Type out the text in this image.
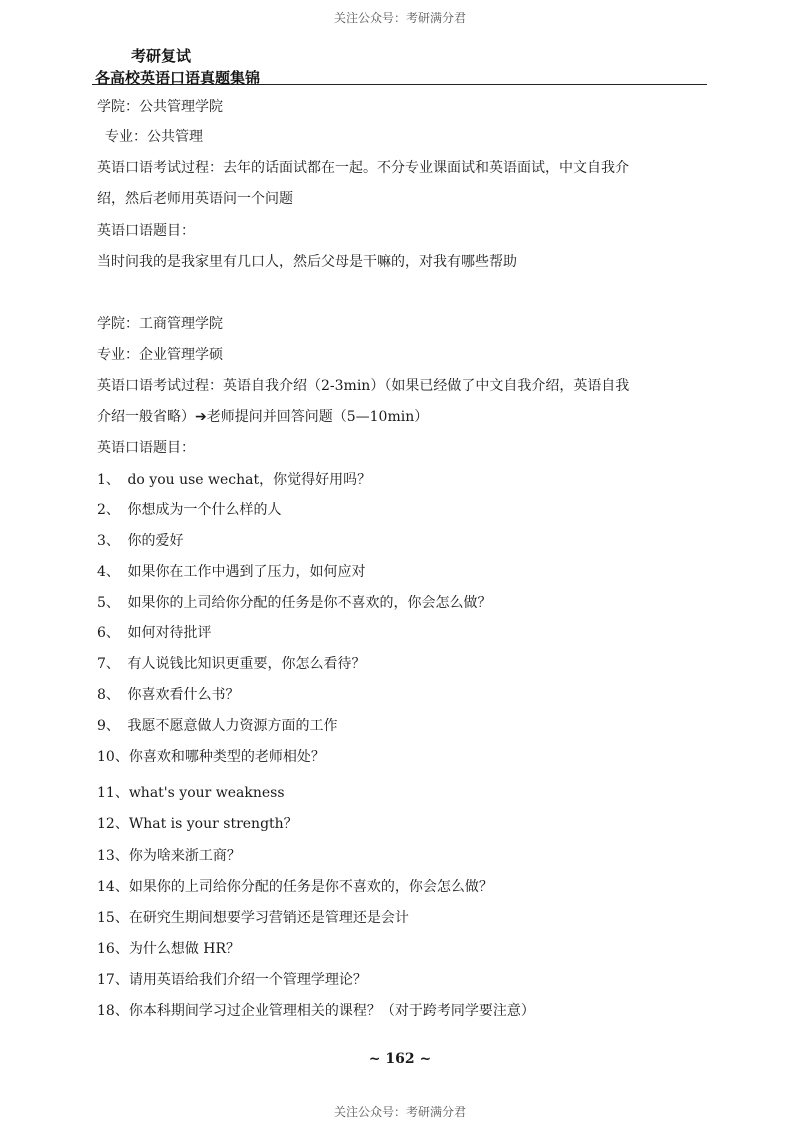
关注公众号：考研满分君
考研复试
各高校英语口语真题集锦
学院：公共管理学院
专业：公共管理
英语口语考试过程：去年的话面试都在一起。不分专业课面试和英语面试，中文自我介
绍，然后老师用英语问一个问题
英语口语题目：
当时问我的是我家里有几口人，然后父母是干嘛的，对我有哪些帮助
学院：工商管理学院
专业：企业管理学硕
英语口语考试过程：英语自我介绍（2-3min）（如果已经做了中文自我介绍，英语自我
介绍一般省略）➔老师提问并回答问题（5—10min）
英语口语题目：
1、 do you use wechat，你觉得好用吗？
2、 你想成为一个什么样的人
3、 你的爱好
4、 如果你在工作中遇到了压力，如何应对
5、 如果你的上司给你分配的任务是你不喜欢的，你会怎么做？
6、 如何对待批评
7、 有人说钱比知识更重要，你怎么看待？
8、 你喜欢看什么书？
9、 我愿不愿意做人力资源方面的工作
10、你喜欢和哪种类型的老师相处？
11、what's your weakness
12、What is your strength？
13、你为啥来浙工商？
14、如果你的上司给你分配的任务是你不喜欢的，你会怎么做？
15、在研究生期间想要学习营销还是管理还是会计
16、为什么想做 HR？
17、请用英语给我们介绍一个管理学理论？
18、你本科期间学习过企业管理相关的课程？（对于跨考同学要注意）
~ 162 ~
关注公众号：考研满分君
